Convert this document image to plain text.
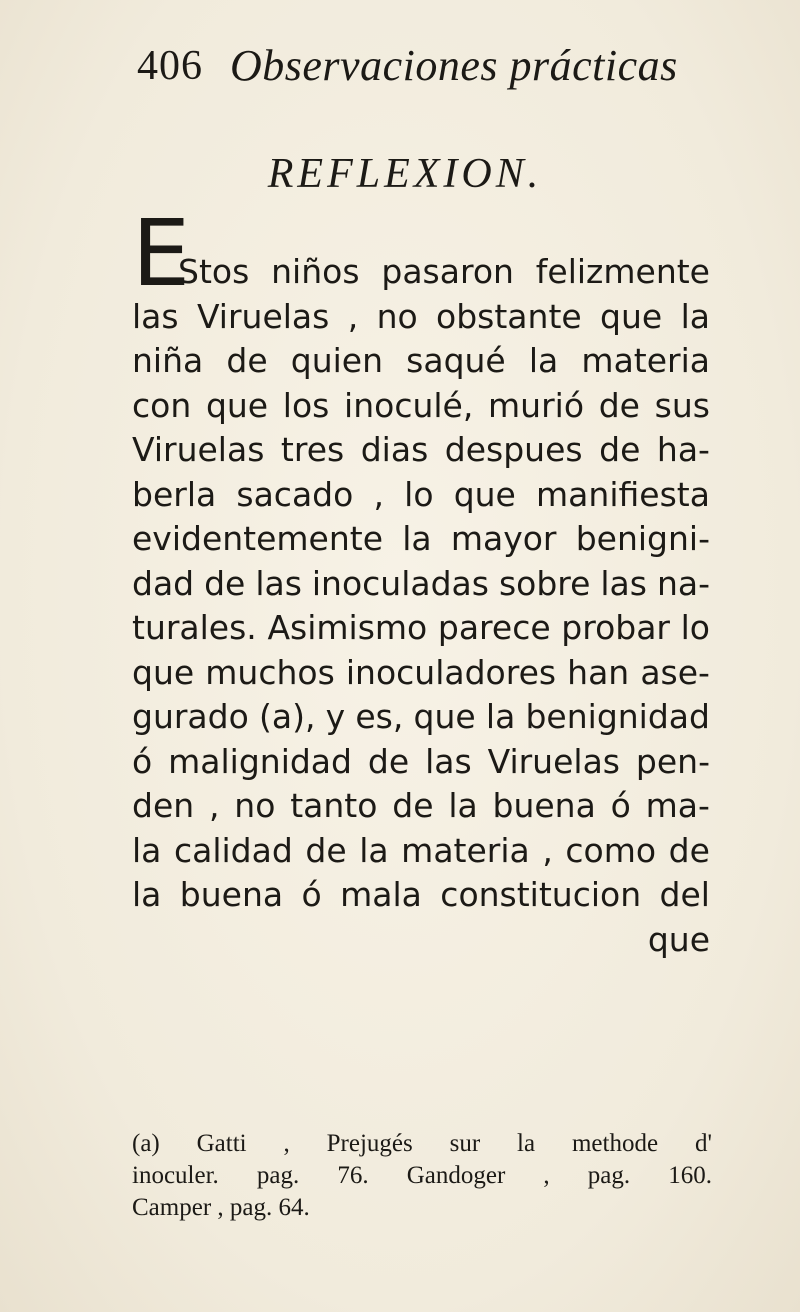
406 Observaciones prácticas
REFLEXION.
E
Stos niños pasaron felizmente
las Viruelas , no obstante que la
niña de quien saqué la materia
con que los inoculé, murió de sus
Viruelas tres dias despues de ha-
berla sacado , lo que manifiesta
evidentemente la mayor benigni-
dad de las inoculadas sobre las na-
turales. Asimismo parece probar lo
que muchos inoculadores han ase-
gurado (a), y es, que la benignidad
ó malignidad de las Viruelas pen-
den , no tanto de la buena ó ma-
la calidad de la materia , como de
la buena ó mala constitucion del
que
(a) Gatti , Prejugés sur la methode d'
inoculer. pag. 76. Gandoger , pag. 160.
Camper , pag. 64.
